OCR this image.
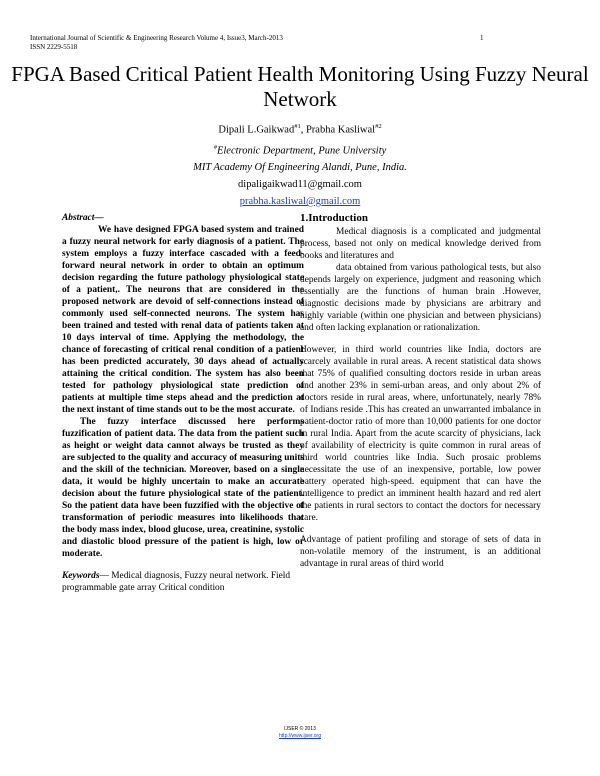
International Journal of Scientific & Engineering Research Volume 4, Issue3, March-2013
ISSN 2229-5518
1
FPGA Based Critical Patient Health Monitoring Using Fuzzy Neural Network
Dipali L.Gaikwad$^{\#1}$, Prabha Kasliwal$^{\#2}$
#Electronic Department, Pune University
MIT Academy Of Engineering Alandi, Pune, India.
dipaligaikwad11@gmail.com
prabha.kasliwal@gmail.com

Abstract—

We have designed FPGA based system and trained a fuzzy neural network for early diagnosis of a patient. The system employs a fuzzy interface cascaded with a feed-forward neural network in order to obtain an optimum decision regarding the future pathology physiological state of a patient,. The neurons that are considered in the proposed network are devoid of self-connections instead of commonly used self-connected neurons. The system has been trained and tested with renal data of patients taken at 10 days interval of time. Applying the methodology, the chance of forecasting of critical renal condition of a patient has been predicted accurately, 30 days ahead of actually attaining the critical condition. The system has also been tested for pathology physiological state prediction of patients at multiple time steps ahead and the prediction at the next instant of time stands out to be the most accurate.

The fuzzy interface discussed here performs fuzzification of patient data. The data from the patient such as height or weight data cannot always be trusted as they are subjected to the quality and accuracy of measuring units and the skill of the technician. Moreover, based on a single data, it would be highly uncertain to make an accurate decision about the future physiological state of the patient. So the patient data have been fuzzified with the objective of transformation of periodic measures into likelihoods that the body mass index, blood glucose, urea, creatinine, systolic and diastolic blood pressure of the patient is high, low or moderate.

Keywords— Medical diagnosis, Fuzzy neural network. Field programmable gate array Critical condition
1.Introduction

Medical diagnosis is a complicated and judgmental process, based not only on medical knowledge derived from books and literatures and

data obtained from various pathological tests, but also depends largely on experience, judgment and reasoning which essentially are the functions of human brain .However, diagnostic decisions made by physicians are arbitrary and highly variable (within one physician and between physicians) and often lacking explanation or rationalization.

However, in third world countries like India, doctors are scarcely available in rural areas. A recent statistical data shows that 75% of qualified consulting doctors reside in urban areas and another 23% in semi-urban areas, and only about 2% of doctors reside in rural areas, where, unfortunately, nearly 78% of Indians reside .This has created an unwarranted imbalance in patient-doctor ratio of more than 10,000 patients for one doctor in rural India. Apart from the acute scarcity of physicians, lack of availability of electricity is quite common in rural areas of third world countries like India. Such prosaic problems necessitate the use of an inexpensive, portable, low power battery operated high-speed. equipment that can have the intelligence to predict an imminent health hazard and red alert the patients in rural sectors to contact the doctors for necessary care.

Advantage of patient profiling and storage of sets of data in non-volatile memory of the instrument, is an additional advantage in rural areas of third world

IJSER © 2013
http://www.ijser.org
